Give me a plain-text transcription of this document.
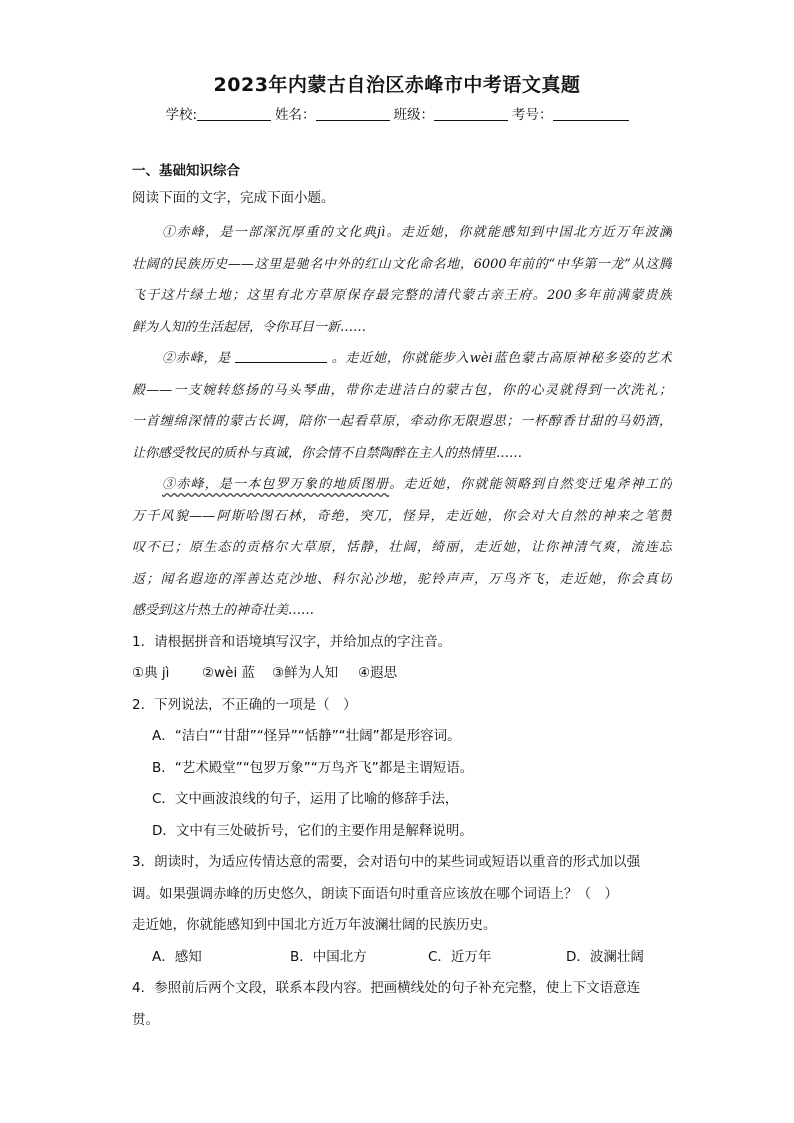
2023年内蒙古自治区赤峰市中考语文真题
学校:	姓名：	班级：	考号：
一、基础知识综合
阅读下面的文字，完成下面小题。
①赤峰，是一部深沉厚重的文化典jì。走近她，你就能感知到中国北方近万年波澜
壮阔的民族历史——这里是驰名中外的红山文化命名地，6000年前的“中华第一龙”从这腾
飞于这片绿土地；这里有北方草原保存最完整的清代蒙古亲王府。200多年前满蒙贵族
鲜为人知的生活起居，令你耳目一新……
②赤峰，是	。走近她，你就能步入wèi蓝色蒙古高原神秘多姿的艺术
殿——一支婉转悠扬的马头琴曲，带你走进洁白的蒙古包，你的心灵就得到一次洗礼；
一首缠绵深情的蒙古长调，陪你一起看草原，牵动你无限遐思；一杯醇香甘甜的马奶酒，
让你感受牧民的质朴与真诚，你会情不自禁陶醉在主人的热情里……
③赤峰，是一本包罗万象的地质图册。走近她，你就能领略到自然变迁鬼斧神工的
万千风貌——阿斯哈图石林，奇绝，突兀，怪异，走近她，你会对大自然的神来之笔赞
叹不已；原生态的贡格尔大草原，恬静，壮阔，绮丽，走近她，让你神清气爽，流连忘
返；闻名遐迩的浑善达克沙地、科尔沁沙地，驼铃声声，万鸟齐飞，走近她，你会真切
感受到这片热土的神奇壮美……
1．请根据拼音和语境填写汉字，并给加点的字注音。
①典 jì ②wèi 蓝 ③鲜为人知 ④遐思
2．下列说法，不正确的一项是（　）
A．“洁白”“甘甜”“怪异”“恬静”“壮阔”都是形容词。
B．“艺术殿堂”“包罗万象”“万鸟齐飞”都是主谓短语。
C．文中画波浪线的句子，运用了比喻的修辞手法，
D．文中有三处破折号，它们的主要作用是解释说明。
3．朗读时，为适应传情达意的需要，会对语句中的某些词或短语以重音的形式加以强
调。如果强调赤峰的历史悠久，朗读下面语句时重音应该放在哪个词语上？（　）
走近她，你就能感知到中国北方近万年波澜壮阔的民族历史。
A．感知	B．中国北方	C．近万年	D．波澜壮阔
4．参照前后两个文段，联系本段内容。把画横线处的句子补充完整，使上下文语意连
贯。
